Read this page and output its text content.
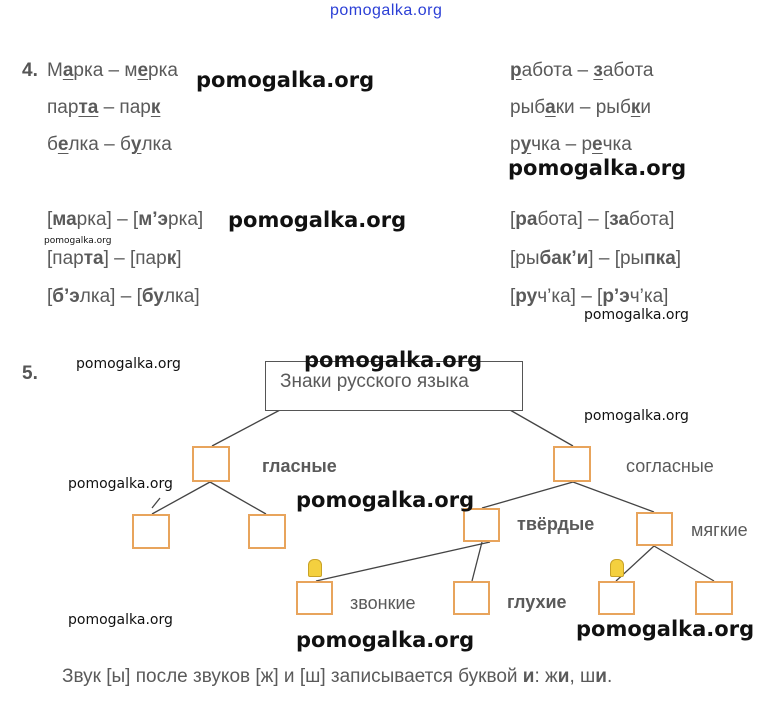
pomogalka.org
4. Марка – мерка
парта – парк
белка – булка
работа – забота
рыбаки – рыбки
ручка – речка
[марка] – [м’эрка]
[парта] – [парк]
[б’элка] – [булка]
[работа] – [забота]
[рыбак’и] – [рыпка]
[руч’ка] – [р’эч’ка]
5.	Знаки русского языка
гласные	согласные
твёрдые	мягкие
звонкие	глухие
Звук [ы] после звуков [ж] и [ш] записывается буквой и: жи, ши.
pomogalka.org
pomogalka.org
pomogalka.org
pomogalka.org
pomogalka.org
pomogalka.org
pomogalka.org
pomogalka.org
pomogalka.org
pomogalka.org
pomogalka.org
pomogalka.org	pomogalka.org
